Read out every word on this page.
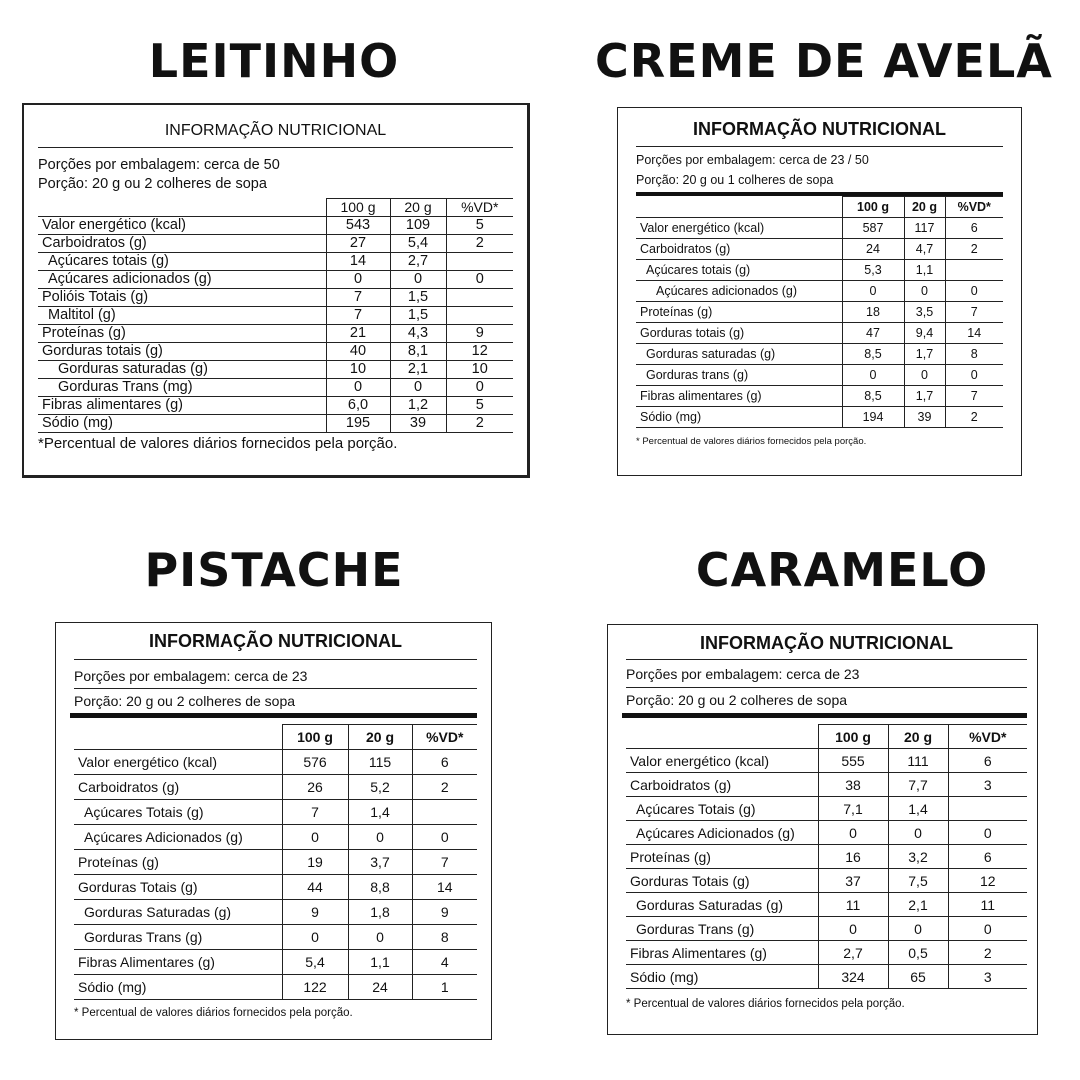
LEITINHO	CREME DE AVELÃ
PISTACHE	CARAMELO
INFORMAÇÃO NUTRICIONAL
Porções por embalagem: cerca de 50
Porção: 20 g ou 2 colheres de sopa
	100 g	20 g	%VD*
Valor energético (kcal)	543	109	5
Carboidratos (g)	27	5,4	2
Açúcares totais (g)	14	2,7	
Açúcares adicionados (g)	0	0	0
Polióis Totais (g)	7	1,5	
Maltitol (g)	7	1,5	
Proteínas (g)	21	4,3	9
Gorduras totais (g)	40	8,1	12
Gorduras saturadas (g)	10	2,1	10
Gorduras Trans (mg)	0	0	0
Fibras alimentares (g)	6,0	1,2	5
Sódio (mg)	195	39	2
*Percentual de valores diários fornecidos pela porção.
INFORMAÇÃO NUTRICIONAL
Porções por embalagem: cerca de 23 / 50
Porção: 20 g ou 1 colheres de sopa
	100 g	20 g	%VD*
Valor energético (kcal)	587	117	6
Carboidratos (g)	24	4,7	2
Açúcares totais (g)	5,3	1,1	
Açúcares adicionados (g)	0	0	0
Proteínas (g)	18	3,5	7
Gorduras totais (g)	47	9,4	14
Gorduras saturadas (g)	8,5	1,7	8
Gorduras trans (g)	0	0	0
Fibras alimentares (g)	8,5	1,7	7
Sódio (mg)	194	39	2
* Percentual de valores diários fornecidos pela porção.
INFORMAÇÃO NUTRICIONAL
Porções por embalagem: cerca de 23
Porção: 20 g ou 2 colheres de sopa
	100 g	20 g	%VD*
Valor energético (kcal)	576	115	6
Carboidratos (g)	26	5,2	2
Açúcares Totais (g)	7	1,4	
Açúcares Adicionados (g)	0	0	0
Proteínas (g)	19	3,7	7
Gorduras Totais (g)	44	8,8	14
Gorduras Saturadas (g)	9	1,8	9
Gorduras Trans (g)	0	0	8
Fibras Alimentares (g)	5,4	1,1	4
Sódio (mg)	122	24	1
* Percentual de valores diários fornecidos pela porção.
INFORMAÇÃO NUTRICIONAL
Porções por embalagem: cerca de 23
Porção: 20 g ou 2 colheres de sopa
	100 g	20 g	%VD*
Valor energético (kcal)	555	111	6
Carboidratos (g)	38	7,7	3
Açúcares Totais (g)	7,1	1,4	
Açúcares Adicionados (g)	0	0	0
Proteínas (g)	16	3,2	6
Gorduras Totais (g)	37	7,5	12
Gorduras Saturadas (g)	11	2,1	11
Gorduras Trans (g)	0	0	0
Fibras Alimentares (g)	2,7	0,5	2
Sódio (mg)	324	65	3
* Percentual de valores diários fornecidos pela porção.
